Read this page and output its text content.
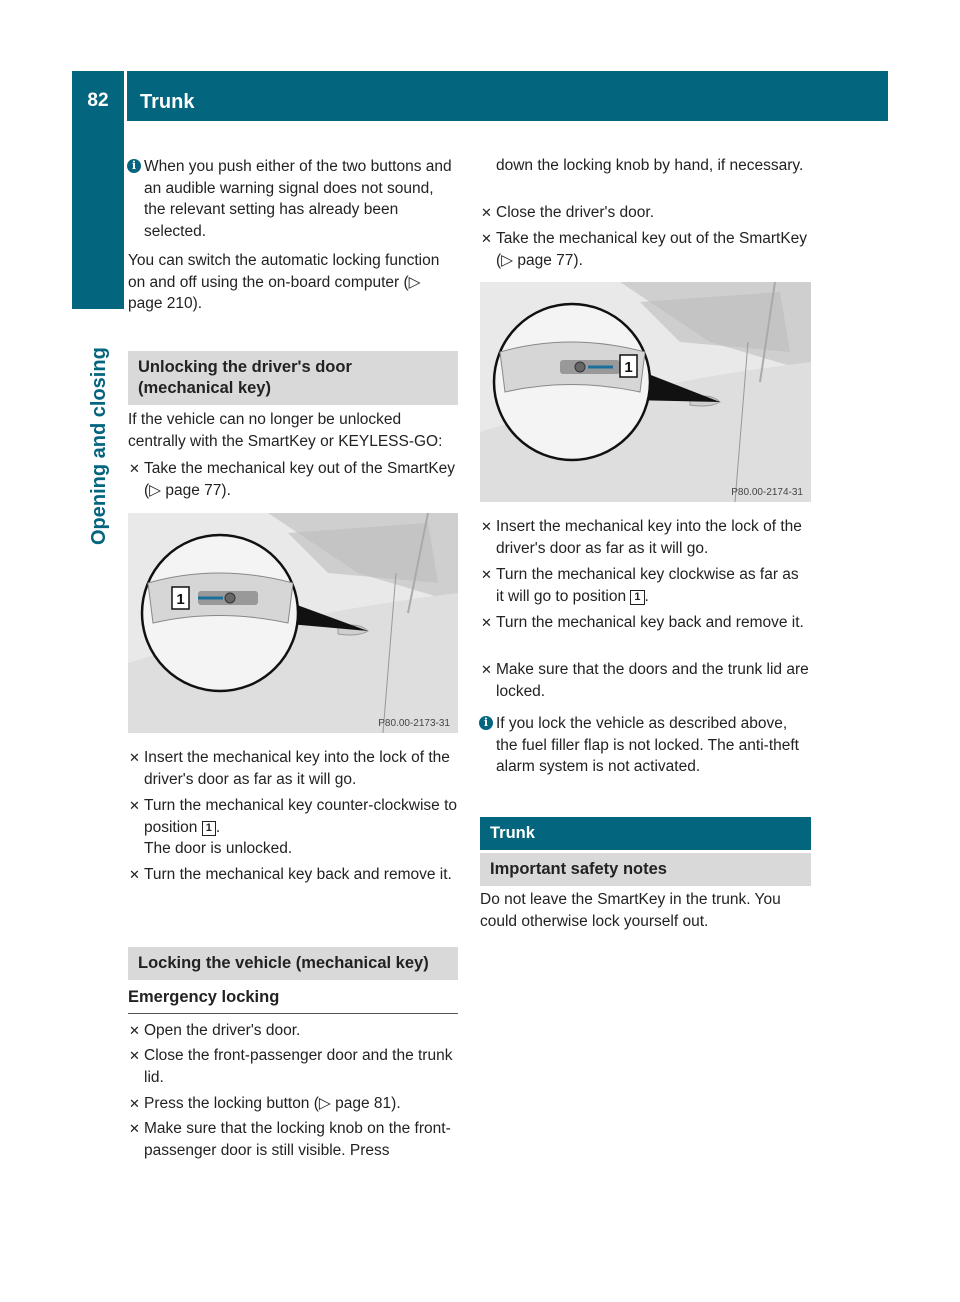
82	Trunk
Opening and closing

i When you push either of the two buttons and an audible warning signal does not sound, the relevant setting has already been selected.

You can switch the automatic locking function on and off using the on-board computer (▷ page 210).

Unlocking the driver's door (mechanical key)

If the vehicle can no longer be unlocked centrally with the SmartKey or KEYLESS-GO:

✕ Take the mechanical key out of the SmartKey (▷ page 77).

1
P80.00-2173-31

✕ Insert the mechanical key into the lock of the driver's door as far as it will go.

✕ Turn the mechanical key counter-clockwise to position 1 .
The door is unlocked.

✕ Turn the mechanical key back and remove it.

Locking the vehicle (mechanical key)
Emergency locking

✕ Open the driver's door.

✕ Close the front-passenger door and the trunk lid.

✕ Press the locking button (▷ page 81).

✕ Make sure that the locking knob on the front-passenger door is still visible. Press

down the locking knob by hand, if necessary.

✕ Close the driver's door.

✕ Take the mechanical key out of the SmartKey (▷ page 77).

1
P80.00-2174-31

✕ Insert the mechanical key into the lock of the driver's door as far as it will go.

✕ Turn the mechanical key clockwise as far as it will go to position 1 .

✕ Turn the mechanical key back and remove it.

✕ Make sure that the doors and the trunk lid are locked.

i If you lock the vehicle as described above, the fuel filler flap is not locked. The anti-theft alarm system is not activated.

Trunk
Important safety notes

Do not leave the SmartKey in the trunk. You could otherwise lock yourself out.
